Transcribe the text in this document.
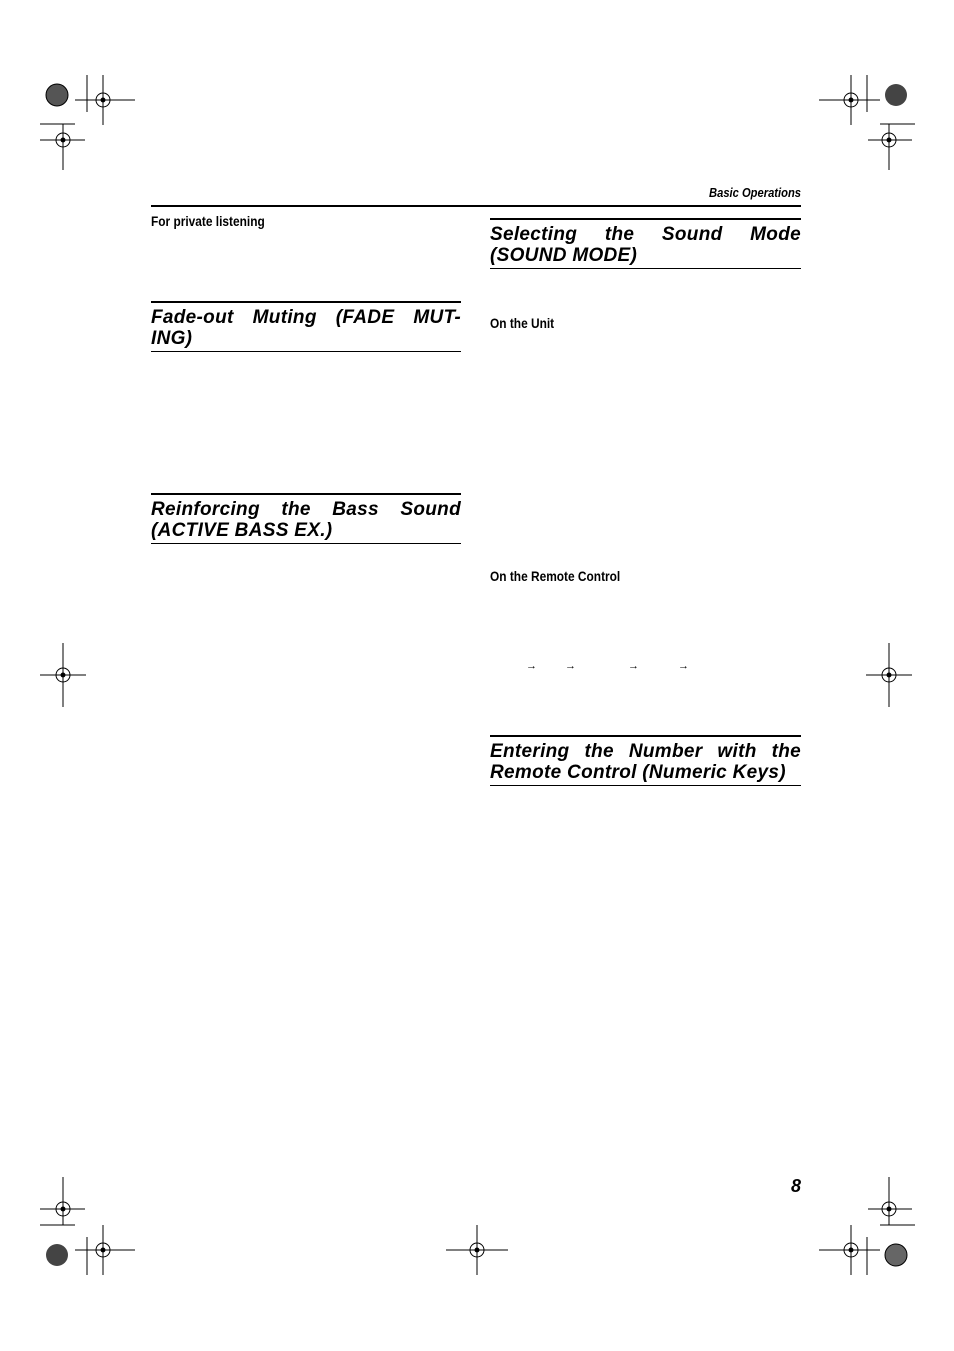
Basic Operations
For private listening
Fade-out Muting (FADE MUT-ING)
Reinforcing the Bass Sound (ACTIVE BASS EX.)
Selecting the Sound Mode (SOUND MODE)
On the Unit
On the Remote Control
→	→	→	→
Entering the Number with the Remote Control (Numeric Keys)
8
